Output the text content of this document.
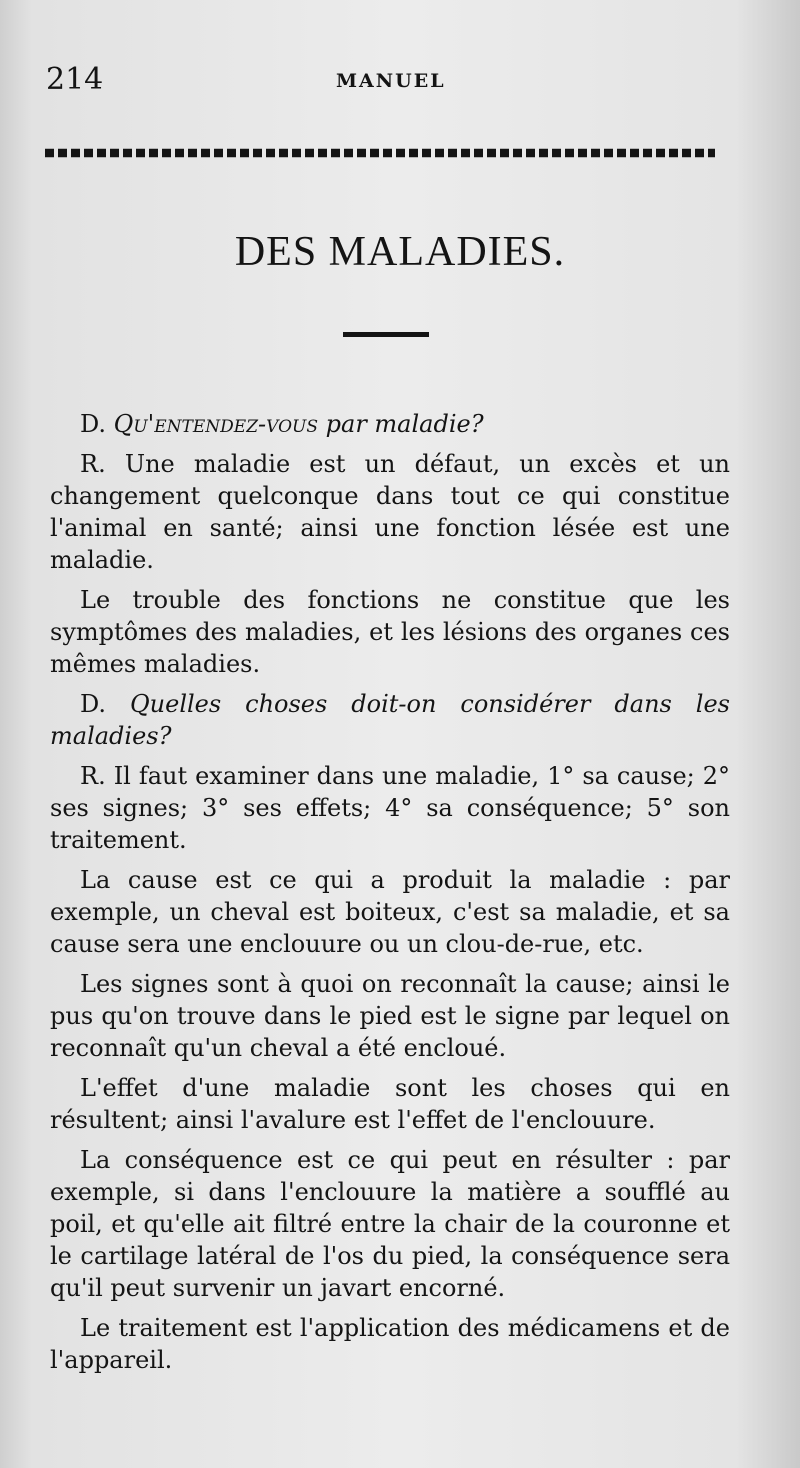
214	MANUEL
DES MALADIES.

D. Qu'entendez-vous par maladie?

R. Une maladie est un défaut, un excès et un changement quelconque dans tout ce qui constitue l'animal en santé; ainsi une fonction lésée est une maladie.

Le trouble des fonctions ne constitue que les symptômes des maladies, et les lésions des organes ces mêmes maladies.

D. Quelles choses doit-on considérer dans les maladies?

R. Il faut examiner dans une maladie, 1° sa cause; 2° ses signes; 3° ses effets; 4° sa conséquence; 5° son traitement.

La cause est ce qui a produit la maladie : par exemple, un cheval est boiteux, c'est sa maladie, et sa cause sera une enclouure ou un clou-de-rue, etc.

Les signes sont à quoi on reconnaît la cause; ainsi le pus qu'on trouve dans le pied est le signe par lequel on reconnaît qu'un cheval a été encloué.

L'effet d'une maladie sont les choses qui en résultent; ainsi l'avalure est l'effet de l'enclouure.

La conséquence est ce qui peut en résulter : par exemple, si dans l'enclouure la matière a soufflé au poil, et qu'elle ait filtré entre la chair de la couronne et le cartilage latéral de l'os du pied, la conséquence sera qu'il peut survenir un javart encorné.

Le traitement est l'application des médicamens et de l'appareil.
